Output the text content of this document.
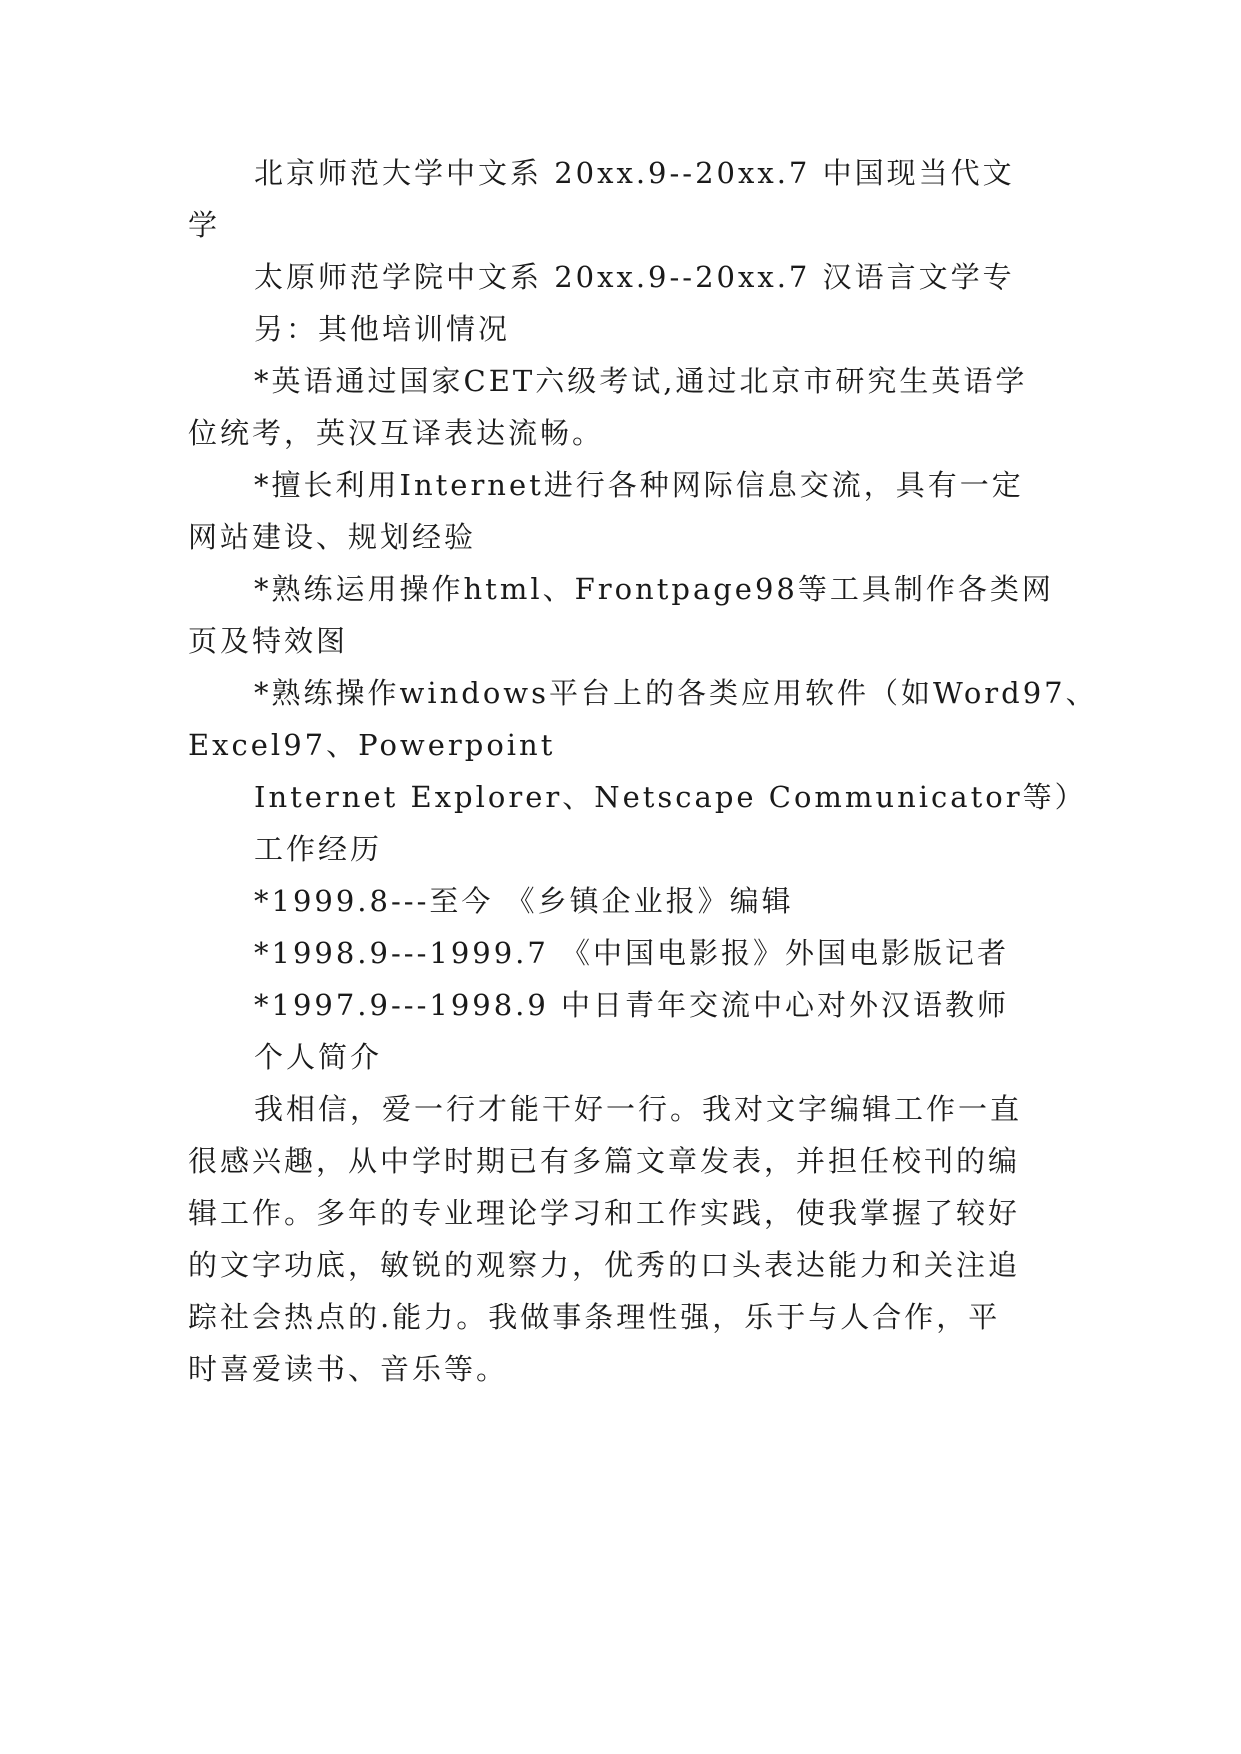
北京师范大学中文系 20xx.9--20xx.7 中国现当代文
学
太原师范学院中文系 20xx.9--20xx.7 汉语言文学专
另：其他培训情况
*英语通过国家CET六级考试,通过北京市研究生英语学
位统考，英汉互译表达流畅。
*擅长利用Internet进行各种网际信息交流，具有一定
网站建设、规划经验
*熟练运用操作html、Frontpage98等工具制作各类网
页及特效图
*熟练操作windows平台上的各类应用软件（如Word97、
Excel97、Powerpoint
Internet Explorer、Netscape Communicator等）
工作经历
*1999.8---至今 《乡镇企业报》编辑
*1998.9---1999.7 《中国电影报》外国电影版记者
*1997.9---1998.9 中日青年交流中心对外汉语教师
个人简介
我相信，爱一行才能干好一行。我对文字编辑工作一直
很感兴趣，从中学时期已有多篇文章发表，并担任校刊的编
辑工作。多年的专业理论学习和工作实践，使我掌握了较好
的文字功底，敏锐的观察力，优秀的口头表达能力和关注追
踪社会热点的.能力。我做事条理性强，乐于与人合作，平
时喜爱读书、音乐等。
